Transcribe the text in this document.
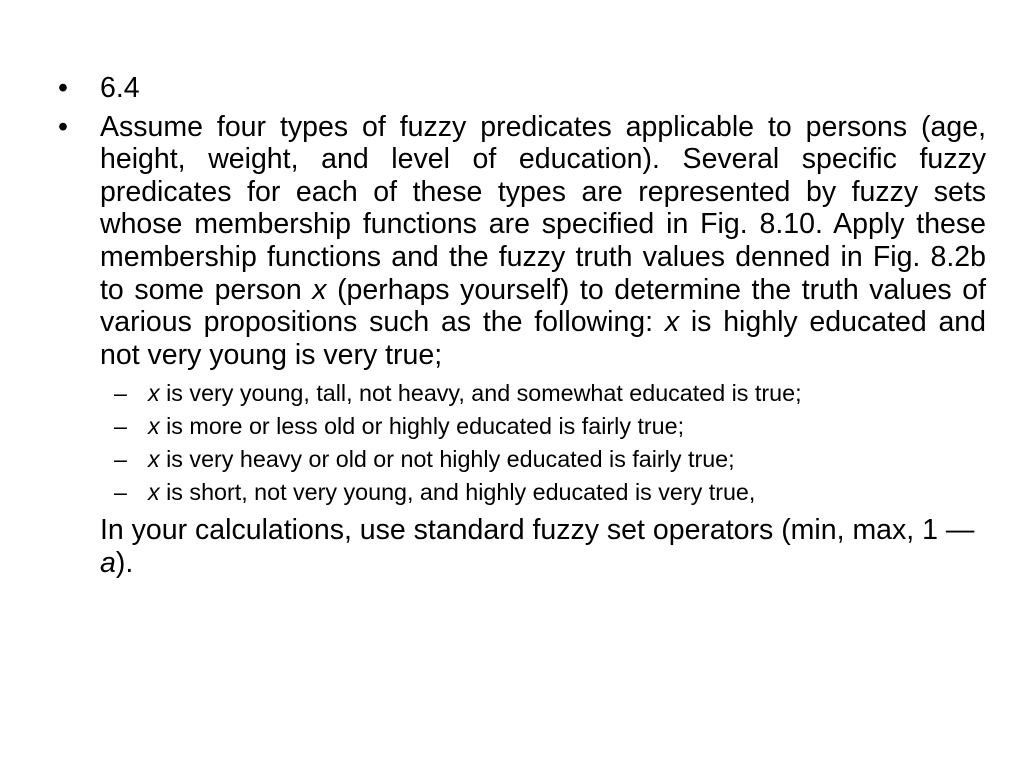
•	6.4
•	Assume four types of fuzzy predicates applicable to persons (age, height, weight, and level of education). Several specific fuzzy predicates for each of these types are represented by fuzzy sets whose membership functions are specified in Fig. 8.10. Apply these membership functions and the fuzzy truth values denned in Fig. 8.2b to some person x (perhaps yourself) to determine the truth values of various propositions such as the following: x is highly educated and not very young is very true;
– x is very young, tall, not heavy, and somewhat educated is true;
– x is more or less old or highly educated is fairly true;
– x is very heavy or old or not highly educated is fairly true;
– x is short, not very young, and highly educated is very true,
In your calculations, use standard fuzzy set operators (min, max, 1 — a).
